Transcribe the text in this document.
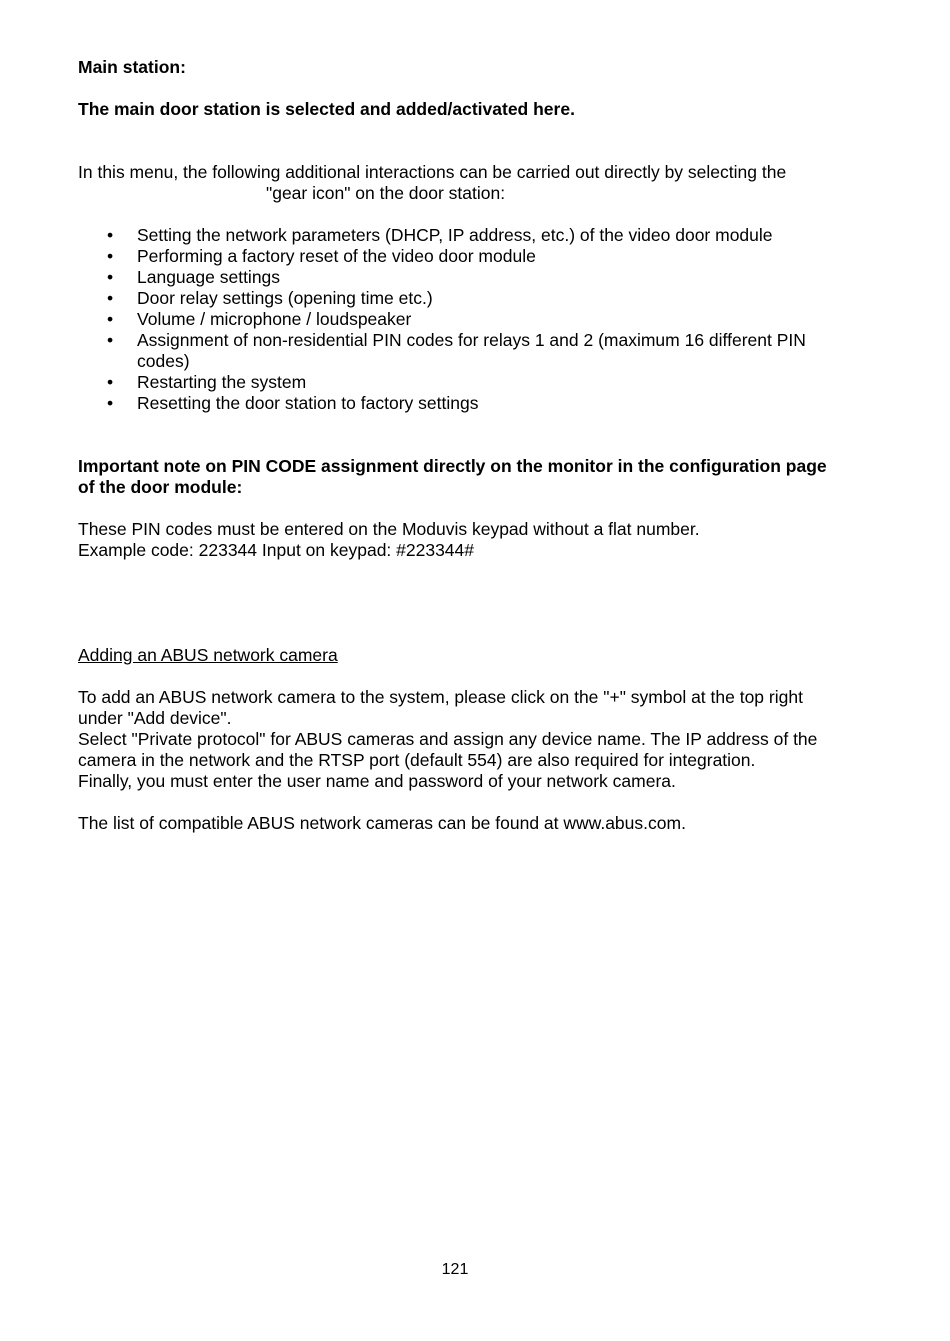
Main station:
The main door station is selected and added/activated here.
In this menu, the following additional interactions can be carried out directly by selecting the
"gear icon" on the door station:
• Setting the network parameters (DHCP, IP address, etc.) of the video door module
• Performing a factory reset of the video door module
• Language settings
• Door relay settings (opening time etc.)
• Volume / microphone / loudspeaker
• Assignment of non-residential PIN codes for relays 1 and 2 (maximum 16 different PIN codes)
• Restarting the system
• Resetting the door station to factory settings
Important note on PIN CODE assignment directly on the monitor in the configuration page of the door module:
These PIN codes must be entered on the Moduvis keypad without a flat number.
Example code: 223344 Input on keypad: #223344#
Adding an ABUS network camera
To add an ABUS network camera to the system, please click on the "+" symbol at the top right under "Add device".
Select "Private protocol" for ABUS cameras and assign any device name. The IP address of the camera in the network and the RTSP port (default 554) are also required for integration.
Finally, you must enter the user name and password of your network camera.
The list of compatible ABUS network cameras can be found at www.abus.com.
121
